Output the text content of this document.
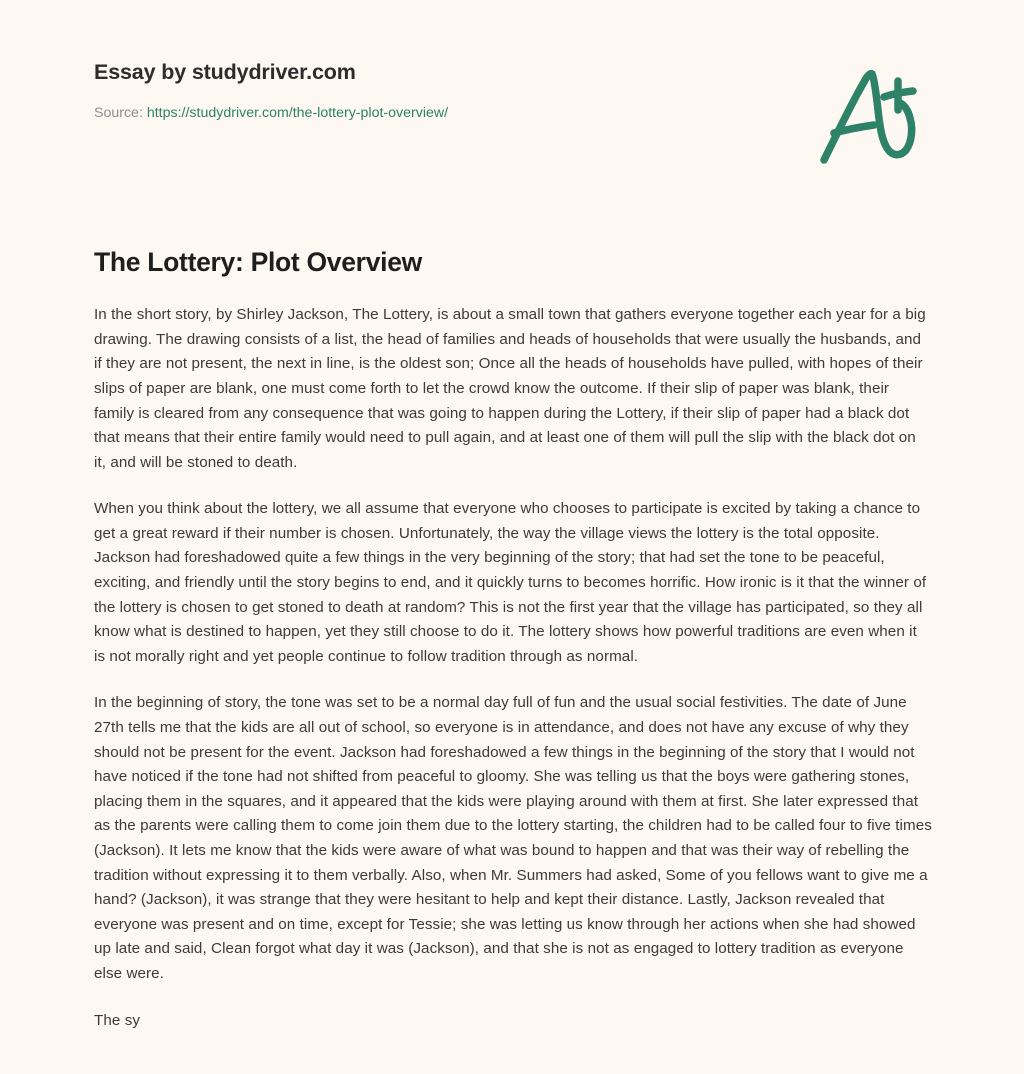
Essay by studydriver.com
Source: https://studydriver.com/the-lottery-plot-overview/
The Lottery: Plot Overview

In the short story, by Shirley Jackson, The Lottery, is about a small town that gathers everyone together each year for a big drawing. The drawing consists of a list, the head of families and heads of households that were usually the husbands, and if they are not present, the next in line, is the oldest son; Once all the heads of households have pulled, with hopes of their slips of paper are blank, one must come forth to let the crowd know the outcome. If their slip of paper was blank, their family is cleared from any consequence that was going to happen during the Lottery, if their slip of paper had a black dot that means that their entire family would need to pull again, and at least one of them will pull the slip with the black dot on it, and will be stoned to death.

When you think about the lottery, we all assume that everyone who chooses to participate is excited by taking a chance to get a great reward if their number is chosen. Unfortunately, the way the village views the lottery is the total opposite. Jackson had foreshadowed quite a few things in the very beginning of the story; that had set the tone to be peaceful, exciting, and friendly until the story begins to end, and it quickly turns to becomes horrific. How ironic is it that the winner of the lottery is chosen to get stoned to death at random? This is not the first year that the village has participated, so they all know what is destined to happen, yet they still choose to do it. The lottery shows how powerful traditions are even when it is not morally right and yet people continue to follow tradition through as normal.

In the beginning of story, the tone was set to be a normal day full of fun and the usual social festivities. The date of June 27th tells me that the kids are all out of school, so everyone is in attendance, and does not have any excuse of why they should not be present for the event. Jackson had foreshadowed a few things in the beginning of the story that I would not have noticed if the tone had not shifted from peaceful to gloomy. She was telling us that the boys were gathering stones, placing them in the squares, and it appeared that the kids were playing around with them at first. She later expressed that as the parents were calling them to come join them due to the lottery starting, the children had to be called four to five times (Jackson). It lets me know that the kids were aware of what was bound to happen and that was their way of rebelling the tradition without expressing it to them verbally. Also, when Mr. Summers had asked, Some of you fellows want to give me a hand? (Jackson), it was strange that they were hesitant to help and kept their distance. Lastly, Jackson revealed that everyone was present and on time, except for Tessie; she was letting us know through her actions when she had showed up late and said, Clean forgot what day it was (Jackson), and that she is not as engaged to lottery tradition as everyone else were.

The sy
